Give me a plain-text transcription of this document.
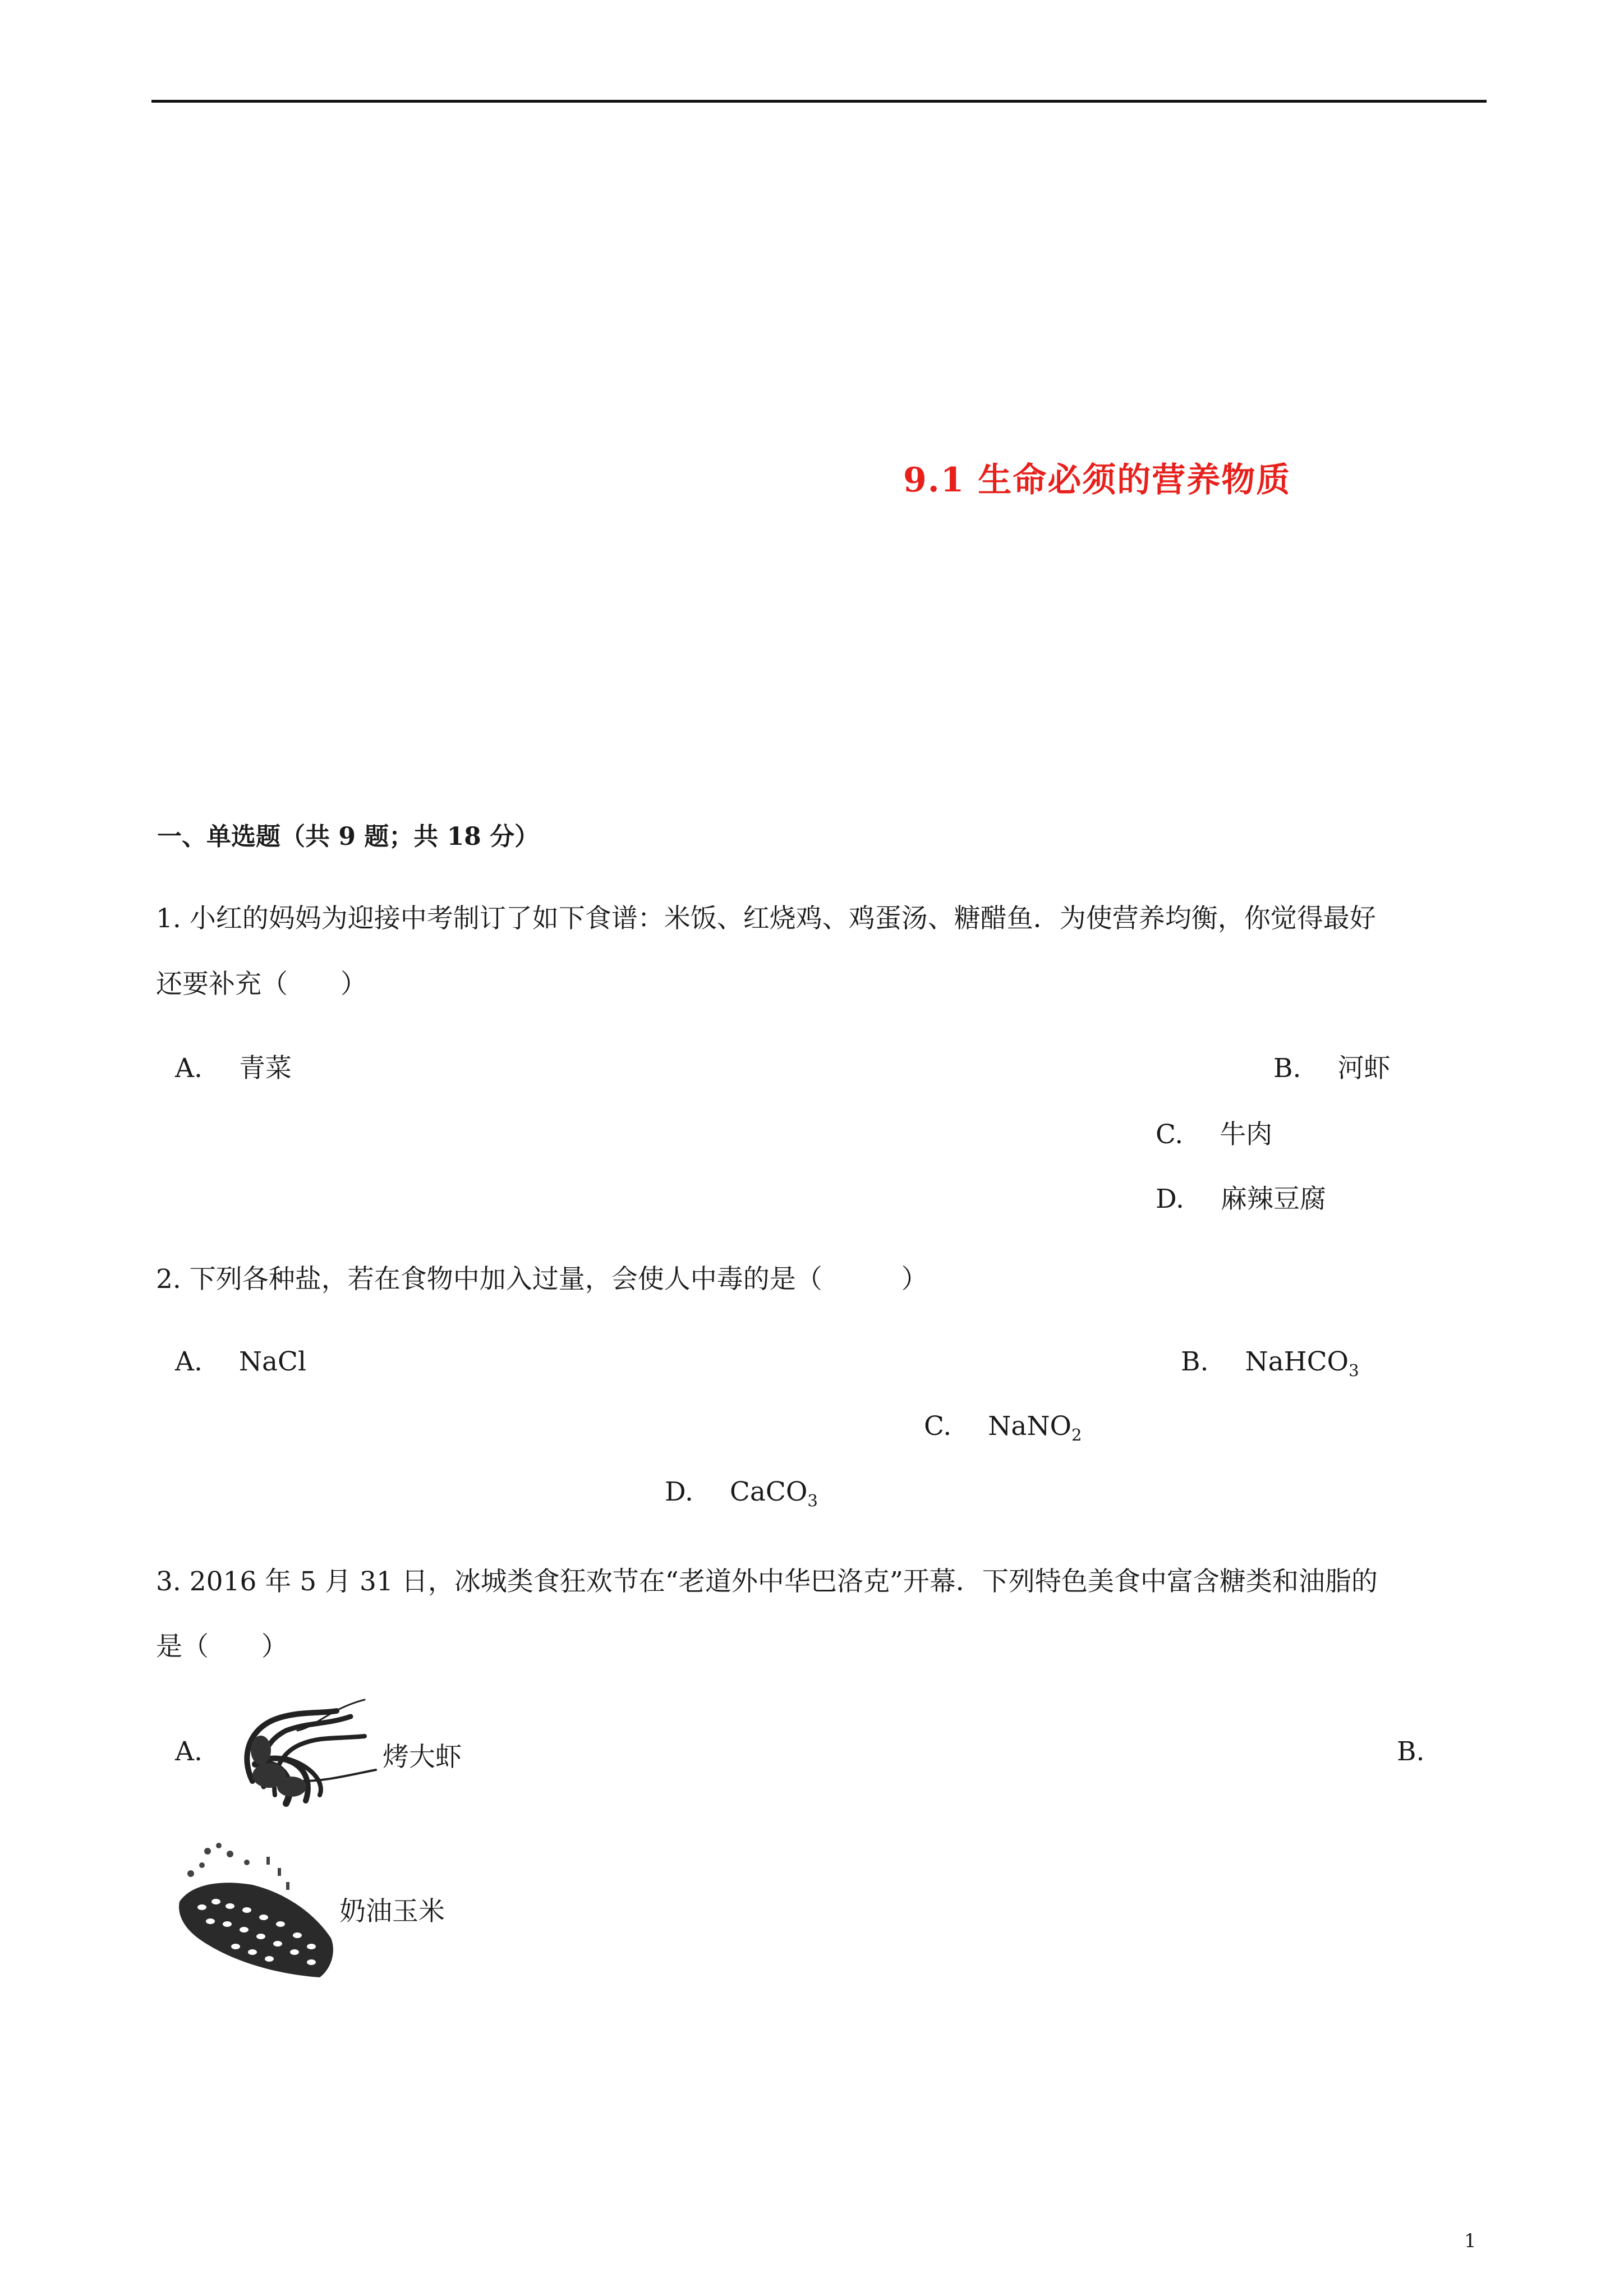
9.1 生命必须的营养物质
一、单选题（共 9 题；共 18 分）
1. 小红的妈妈为迎接中考制订了如下食谱：米饭、红烧鸡、鸡蛋汤、糖醋鱼．为使营养均衡，你觉得最好
还要补充（　　）
A. 青菜	B. 河虾
C. 牛肉
D. 麻辣豆腐
2. 下列各种盐，若在食物中加入过量，会使人中毒的是（　　　）
A. NaCl	B. NaHCO$_3$
C. NaNO$_2$
D. CaCO$_3$
3. 2016 年 5 月 31 日，冰城类食狂欢节在“老道外中华巴洛克”开幕．下列特色美食中富含糖类和油脂的
是（　　）
A.	烤大虾	B.
奶油玉米
1
